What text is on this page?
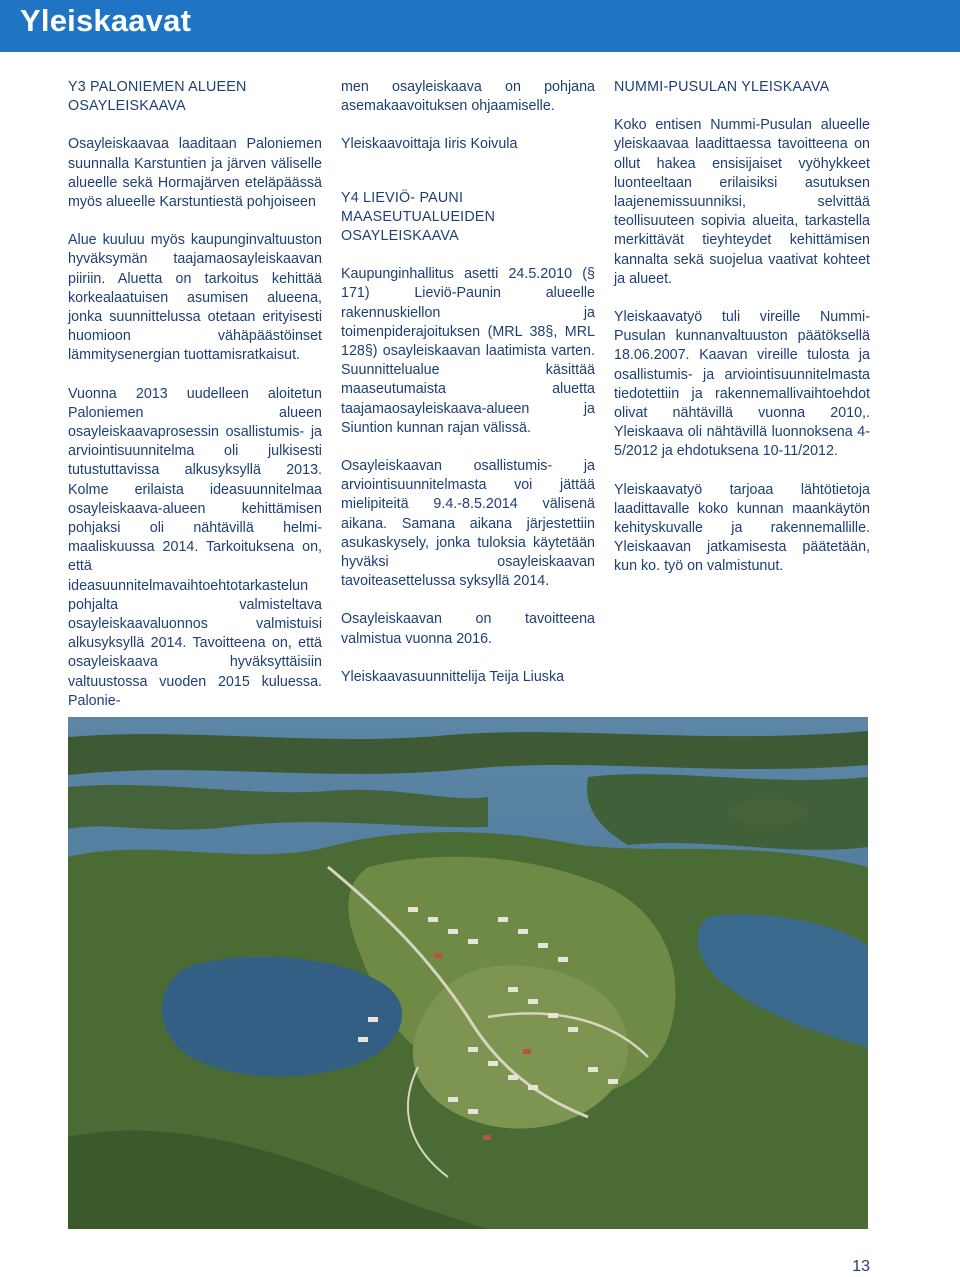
Yleiskaavat

Y3 PALONIEMEN ALUEEN OSAYLEISKAAVA

Osayleiskaavaa laaditaan Paloniemen suunnalla Karstuntien ja järven väliselle alueelle sekä Hormajärven eteläpäässä myös alueelle Karstuntiestä pohjoiseen

Alue kuuluu myös kaupunginvaltuuston hyväksymän taajamaosayleiskaavan piiriin. Aluetta on tarkoitus kehittää korkealaatuisen asumisen alueena, jonka suunnittelussa otetaan erityisesti huomioon vähäpäästöinset lämmitysenergian tuottamisratkaisut.

Vuonna 2013 uudelleen aloitetun Paloniemen alueen osayleiskaavaprosessin osallistumis- ja arviointisuunnitelma oli julkisesti tutustuttavissa alkusyksyllä 2013. Kolme erilaista ideasuunnitelmaa osayleiskaava-alueen kehittämisen pohjaksi oli nähtävillä helmi-maaliskuussa 2014. Tarkoituksena on, että ideasuunnitelmavaihtoehtotarkastelun pohjalta valmisteltava osayleiskaavaluonnos valmistuisi alkusyksyllä 2014. Tavoitteena on, että osayleiskaava hyväksyttäisiin valtuustossa vuoden 2015 kuluessa. Palonie-

men osayleiskaava on pohjana asemakaavoituksen ohjaamiselle.

Yleiskaavoittaja Iiris Koivula

Y4 LIEVIÖ- PAUNI MAASEUTUALUEIDEN OSAYLEISKAAVA

Kaupunginhallitus asetti 24.5.2010 (§ 171) Lieviö-Paunin alueelle rakennuskiellon ja toimenpiderajoituksen (MRL 38§, MRL 128§) osayleiskaavan laatimista varten. Suunnittelualue käsittää maaseutumaista aluetta taajamaosayleiskaava-alueen ja Siuntion kunnan rajan välissä.

Osayleiskaavan osallistumis- ja arviointisuunnitelmasta voi jättää mielipiteitä 9.4.-8.5.2014 välisenä aikana. Samana aikana järjestettiin asukaskysely, jonka tuloksia käytetään hyväksi osayleiskaavan tavoiteasettelussa syksyllä 2014.

Osayleiskaavan on tavoitteena valmistua vuonna 2016.

Yleiskaavasuunnittelija Teija Liuska

NUMMI-PUSULAN YLEISKAAVA

Koko entisen Nummi-Pusulan alueelle yleiskaavaa laadittaessa tavoitteena on ollut hakea ensisijaiset vyöhykkeet luonteeltaan erilaisiksi asutuksen laajenemissuunniksi, selvittää teollisuuteen sopivia alueita, tarkastella merkittävät tieyhteydet kehittämisen kannalta sekä suojelua vaativat kohteet ja alueet.

Yleiskaavatyö tuli vireille Nummi-Pusulan kunnanvaltuuston päätöksellä 18.06.2007. Kaavan vireille tulosta ja osallistumis- ja arviointisuunnitelmasta tiedotettiin ja rakennemallivaihtoehdot olivat nähtävillä vuonna 2010,. Yleiskaava oli nähtävillä luonnoksena 4-5/2012 ja ehdotuksena 10-11/2012.

Yleiskaavatyö tarjoaa lähtötietoja laadittavalle koko kunnan maankäytön kehityskuvalle ja rakennemallille. Yleiskaavan jatkamisesta päätetään, kun ko. työ on valmistunut.

13
